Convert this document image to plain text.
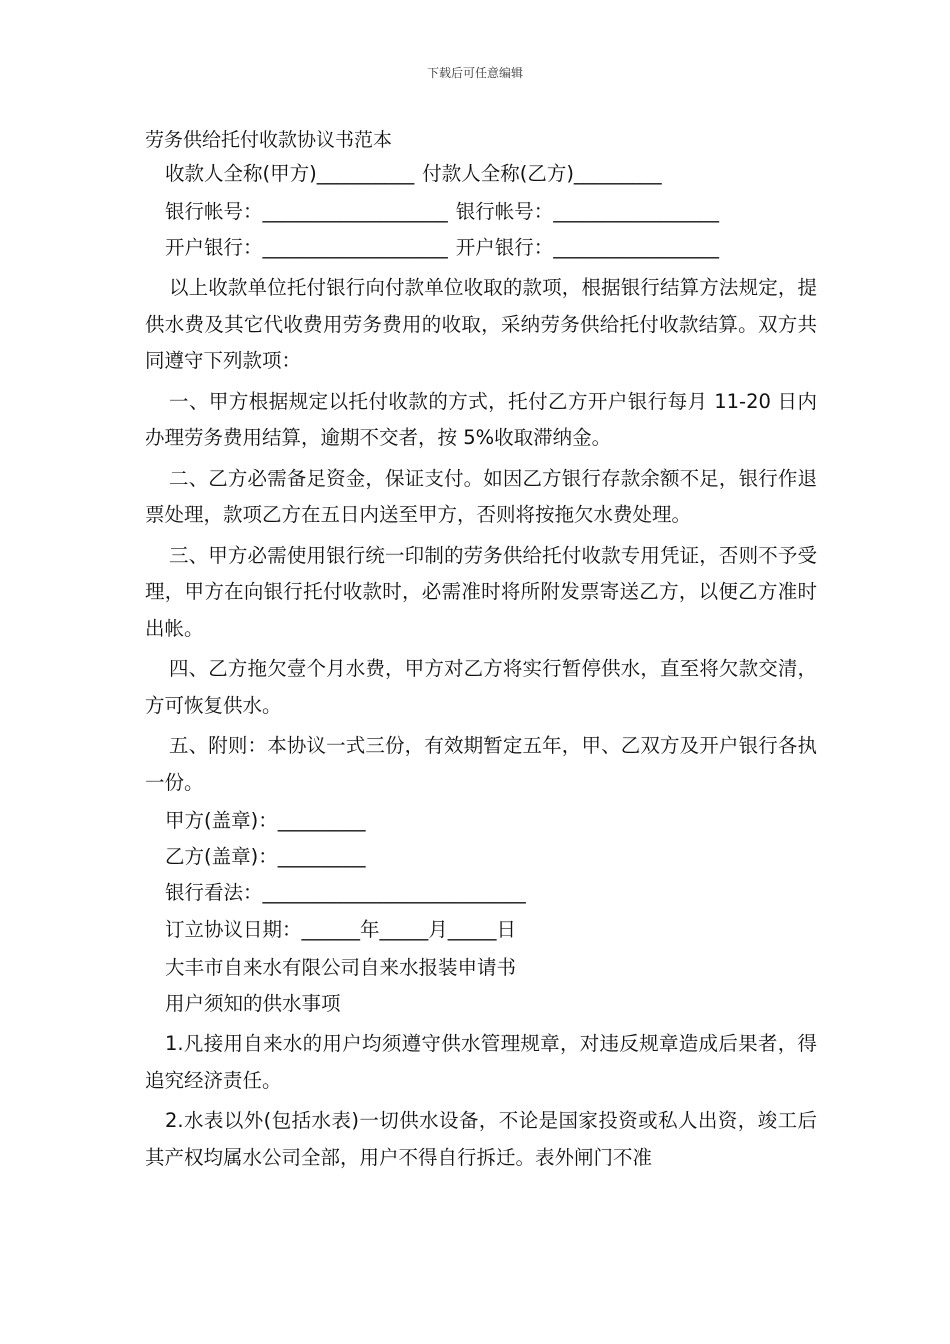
下载后可任意编辑
劳务供给托付收款协议书范本
收款人全称(甲方)__________ 付款人全称(乙方)_________
银行帐号：___________________ 银行帐号：_________________
开户银行：___________________ 开户银行：_________________

以上收款单位托付银行向付款单位收取的款项，根据银行结算方法规定，提供水费及其它代收费用劳务费用的收取，采纳劳务供给托付收款结算。双方共同遵守下列款项：

一、甲方根据规定以托付收款的方式，托付乙方开户银行每月 11-20 日内办理劳务费用结算，逾期不交者，按 5%收取滞纳金。

二、乙方必需备足资金，保证支付。如因乙方银行存款余额不足，银行作退票处理，款项乙方在五日内送至甲方，否则将按拖欠水费处理。

三、甲方必需使用银行统一印制的劳务供给托付收款专用凭证，否则不予受理，甲方在向银行托付收款时，必需准时将所附发票寄送乙方，以便乙方准时出帐。

四、乙方拖欠壹个月水费，甲方对乙方将实行暂停供水，直至将欠款交清，方可恢复供水。

五、附则：本协议一式三份，有效期暂定五年，甲、乙双方及开户银行各执一份。

甲方(盖章)：_________
乙方(盖章)：_________
银行看法：___________________________
订立协议日期：______年_____月_____日
大丰市自来水有限公司自来水报装申请书
用户须知的供水事项

1.凡接用自来水的用户均须遵守供水管理规章，对违反规章造成后果者，得追究经济责任。

2.水表以外(包括水表)一切供水设备，不论是国家投资或私人出资，竣工后其产权均属水公司全部，用户不得自行拆迁。表外闸门不准
